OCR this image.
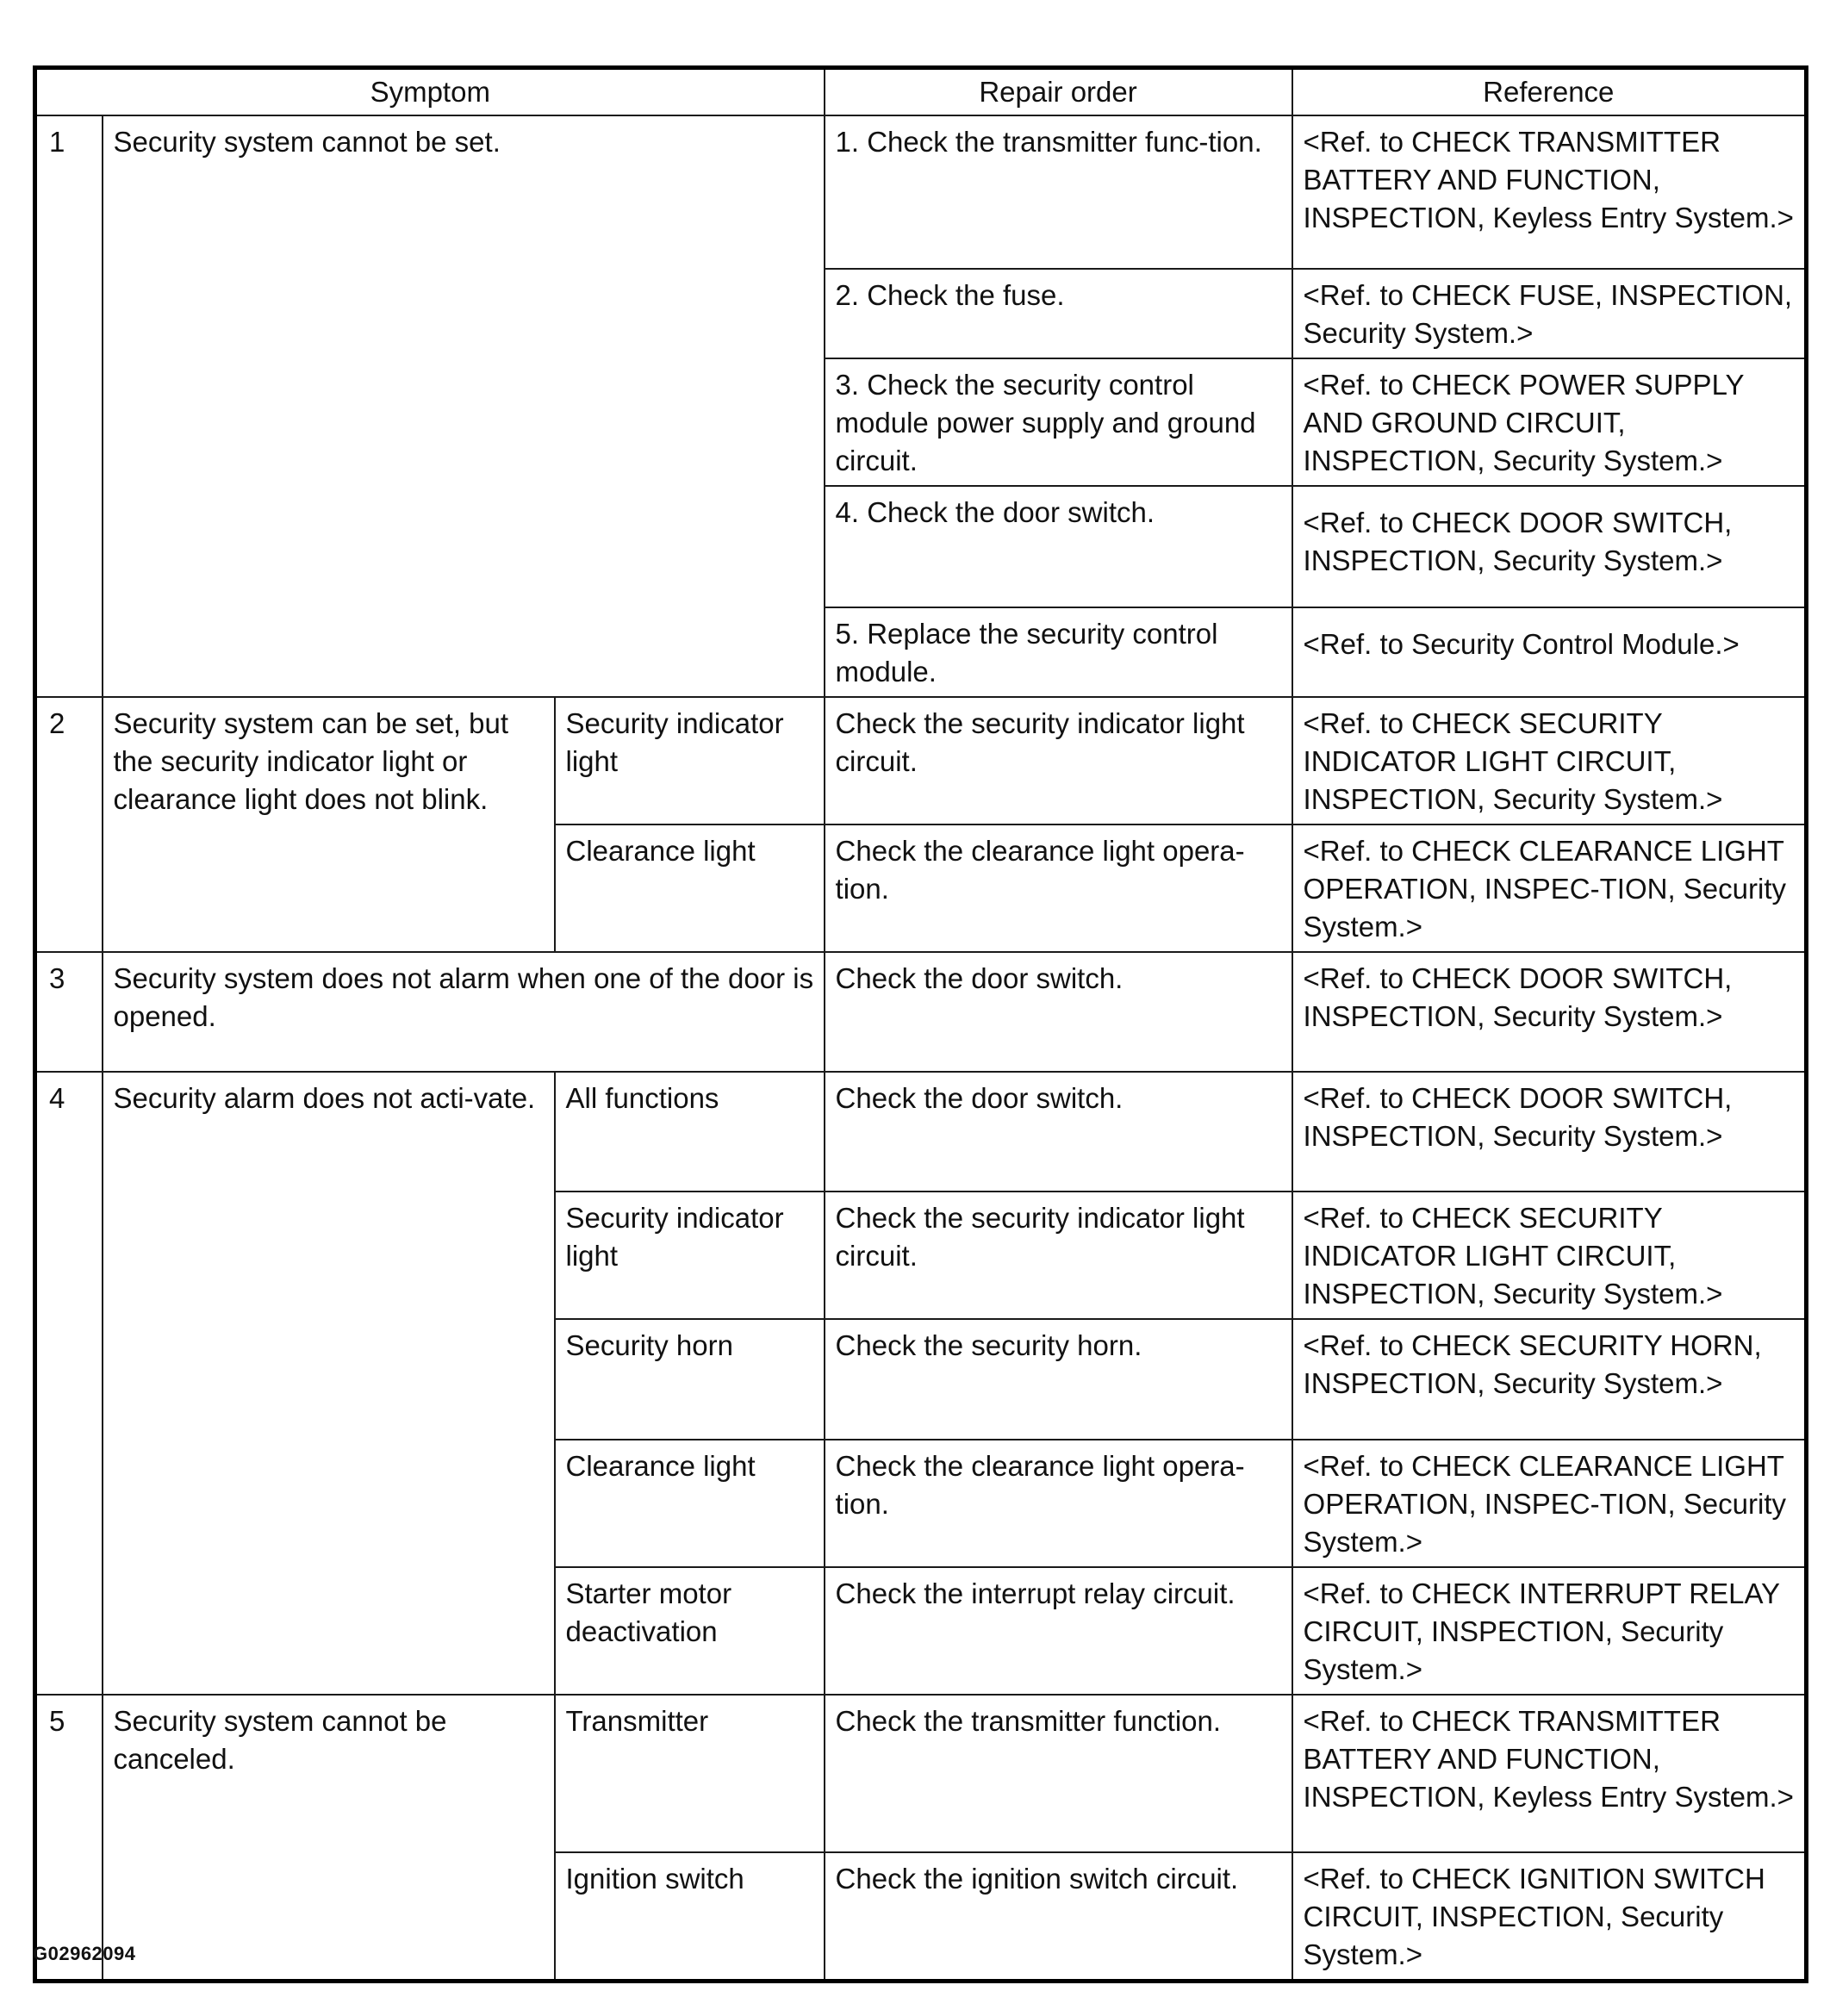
Symptom			Repair order	Reference
1	Security system cannot be set.		1. Check the transmitter func-tion.	<Ref. to CHECK TRANSMITTER BATTERY AND FUNCTION, INSPECTION, Keyless Entry System.>
			2. Check the fuse.	<Ref. to CHECK FUSE, INSPECTION, Security System.>
			3. Check the security control module power supply and ground circuit.	<Ref. to CHECK POWER SUPPLY AND GROUND CIRCUIT, INSPECTION, Security System.>
			4. Check the door switch.	<Ref. to CHECK DOOR SWITCH, INSPECTION, Security System.>
			5. Replace the security control module.	<Ref. to Security Control Module.>
2	Security system can be set, but the security indicator light or clearance light does not blink.	Security indicator light	Check the security indicator light circuit.	<Ref. to CHECK SECURITY INDICATOR LIGHT CIRCUIT, INSPECTION, Security System.>
		Clearance light	Check the clearance light opera-tion.	<Ref. to CHECK CLEARANCE LIGHT OPERATION, INSPEC-TION, Security System.>
3	Security system does not alarm when one of the door is opened.		Check the door switch.	<Ref. to CHECK DOOR SWITCH, INSPECTION, Security System.>
4	Security alarm does not acti-vate.	All functions	Check the door switch.	<Ref. to CHECK DOOR SWITCH, INSPECTION, Security System.>
		Security indicator light	Check the security indicator light circuit.	<Ref. to CHECK SECURITY INDICATOR LIGHT CIRCUIT, INSPECTION, Security System.>
		Security horn	Check the security horn.	<Ref. to CHECK SECURITY HORN, INSPECTION, Security System.>
		Clearance light	Check the clearance light opera-tion.	<Ref. to CHECK CLEARANCE LIGHT OPERATION, INSPEC-TION, Security System.>
		Starter motor deactivation	Check the interrupt relay circuit.	<Ref. to CHECK INTERRUPT RELAY CIRCUIT, INSPECTION, Security System.>
5	Security system cannot be canceled.	Transmitter	Check the transmitter function.	<Ref. to CHECK TRANSMITTER BATTERY AND FUNCTION, INSPECTION, Keyless Entry System.>
		Ignition switch	Check the ignition switch circuit.	<Ref. to CHECK IGNITION SWITCH CIRCUIT, INSPECTION, Security System.>
G02962094
